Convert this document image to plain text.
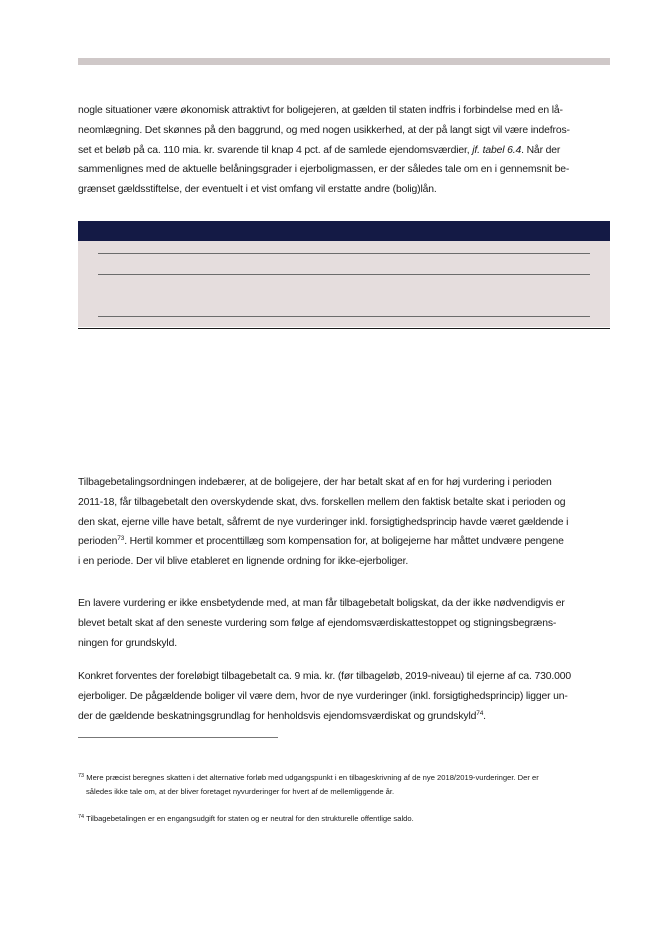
nogle situationer være økonomisk attraktivt for boligejeren, at gælden til staten indfris i forbindelse med en lå-
neomlægning. Det skønnes på den baggrund, og med nogen usikkerhed, at der på langt sigt vil være indefros-
set et beløb på ca. 110 mia. kr. svarende til knap 4 pct. af de samlede ejendomsværdier, jf. tabel 6.4. Når der
sammenlignes med de aktuelle belåningsgrader i ejerboligmassen, er der således tale om en i gennemsnit be-
grænset gældsstiftelse, der eventuelt i et vist omfang vil erstatte andre (bolig)lån.

Tilbagebetalingsordningen indebærer, at de boligejere, der har betalt skat af en for høj vurdering i perioden
2011-18, får tilbagebetalt den overskydende skat, dvs. forskellen mellem den faktisk betalte skat i perioden og
den skat, ejerne ville have betalt, såfremt de nye vurderinger inkl. forsigtighedsprincip havde været gældende i
perioden$^{73}$. Hertil kommer et procenttillæg som kompensation for, at boligejerne har måttet undvære pengene
i en periode. Der vil blive etableret en lignende ordning for ikke-ejerboliger.

En lavere vurdering er ikke ensbetydende med, at man får tilbagebetalt boligskat, da der ikke nødvendigvis er
blevet betalt skat af den seneste vurdering som følge af ejendomsværdiskattestoppet og stigningsbegræns-
ningen for grundskyld.

Konkret forventes der foreløbigt tilbagebetalt ca. 9 mia. kr. (før tilbageløb, 2019-niveau) til ejerne af ca. 730.000
ejerboliger. De pågældende boliger vil være dem, hvor de nye vurderinger (inkl. forsigtighedsprincip) ligger un-
der de gældende beskatningsgrundlag for henholdsvis ejendomsværdiskat og grundskyld$^{74}$.

$^{73}$ Mere præcist beregnes skatten i det alternative forløb med udgangspunkt i en tilbageskrivning af de nye 2018/2019-vurderinger. Der er
således ikke tale om, at der bliver foretaget nyvurderinger for hvert af de mellemliggende år.

$^{74}$ Tilbagebetalingen er en engangsudgift for staten og er neutral for den strukturelle offentlige saldo.
